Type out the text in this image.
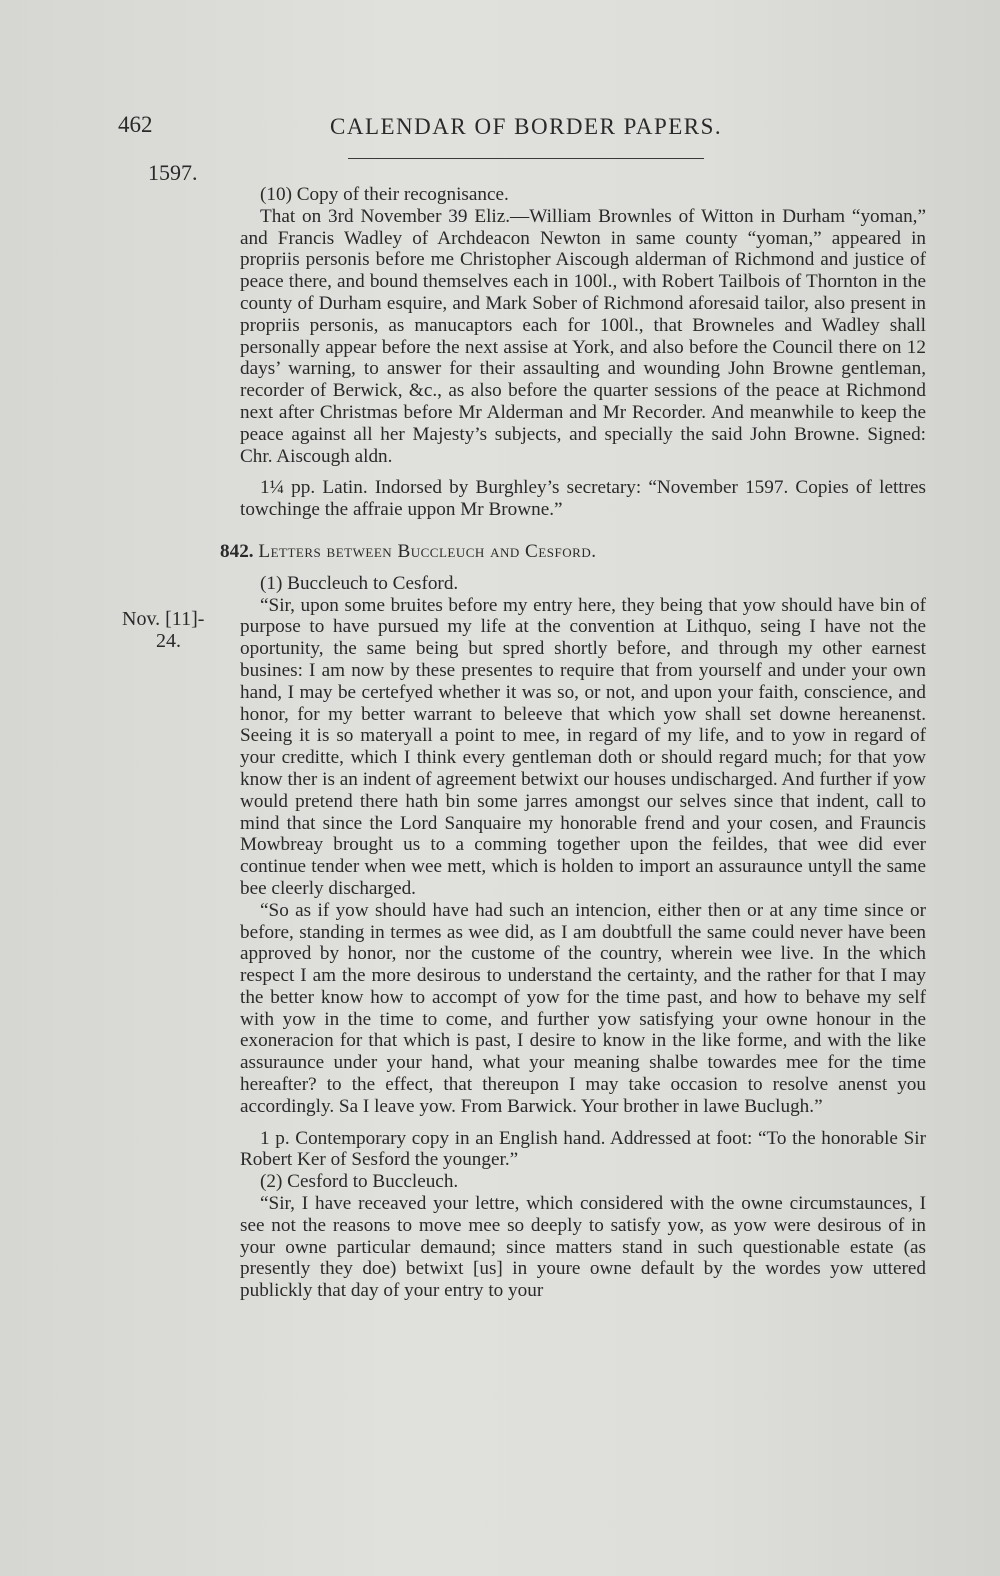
462	CALENDAR OF BORDER PAPERS.
1597.
Nov. [11]-
24.

(10) Copy of their recognisance.

That on 3rd November 39 Eliz.—William Brownles of Witton in Durham “yoman,” and Francis Wadley of Archdeacon Newton in same county “yoman,” appeared in propriis personis before me Christopher Aiscough alderman of Richmond and justice of peace there, and bound themselves each in 100l., with Robert Tailbois of Thornton in the county of Durham esquire, and Mark Sober of Richmond aforesaid tailor, also present in propriis personis, as manucaptors each for 100l., that Browneles and Wadley shall personally appear before the next assise at York, and also before the Council there on 12 days’ warning, to answer for their assaulting and wounding John Browne gentleman, recorder of Berwick, &c., as also before the quarter sessions of the peace at Richmond next after Christmas before Mr Alderman and Mr Recorder. And meanwhile to keep the peace against all her Majesty’s subjects, and specially the said John Browne. Signed: Chr. Aiscough aldn.

1¼ pp. Latin. Indorsed by Burghley’s secretary: “November 1597. Copies of lettres towchinge the affraie uppon Mr Browne.”

842. Letters between Buccleuch and Cesford.

(1) Buccleuch to Cesford.

“Sir, upon some bruites before my entry here, they being that yow should have bin of purpose to have pursued my life at the convention at Lithquo, seing I have not the oportunity, the same being but spred shortly before, and through my other earnest busines: I am now by these presentes to require that from yourself and under your own hand, I may be certefyed whether it was so, or not, and upon your faith, conscience, and honor, for my better warrant to beleeve that which yow shall set downe hereanenst. Seeing it is so materyall a point to mee, in regard of my life, and to yow in regard of your creditte, which I think every gentleman doth or should regard much; for that yow know ther is an indent of agreement betwixt our houses undischarged. And further if yow would pretend there hath bin some jarres amongst our selves since that indent, call to mind that since the Lord Sanquaire my honorable frend and your cosen, and Frauncis Mowbreay brought us to a comming together upon the feildes, that wee did ever continue tender when wee mett, which is holden to import an assuraunce untyll the same bee cleerly discharged.

“So as if yow should have had such an intencion, either then or at any time since or before, standing in termes as wee did, as I am doubtfull the same could never have been approved by honor, nor the custome of the country, wherein wee live. In the which respect I am the more desirous to understand the certainty, and the rather for that I may the better know how to accompt of yow for the time past, and how to behave my self with yow in the time to come, and further yow satisfying your owne honour in the exoneracion for that which is past, I desire to know in the like forme, and with the like assuraunce under your hand, what your meaning shalbe towardes mee for the time hereafter? to the effect, that thereupon I may take occasion to resolve anenst you accordingly. Sa I leave yow. From Barwick. Your brother in lawe Buclugh.”

1 p. Contemporary copy in an English hand. Addressed at foot: “To the honorable Sir Robert Ker of Sesford the younger.”

(2) Cesford to Buccleuch.

“Sir, I have receaved your lettre, which considered with the owne circumstaunces, I see not the reasons to move mee so deeply to satisfy yow, as yow were desirous of in your owne particular demaund; since matters stand in such questionable estate (as presently they doe) betwixt [us] in youre owne default by the wordes yow uttered publickly that day of your entry to your
